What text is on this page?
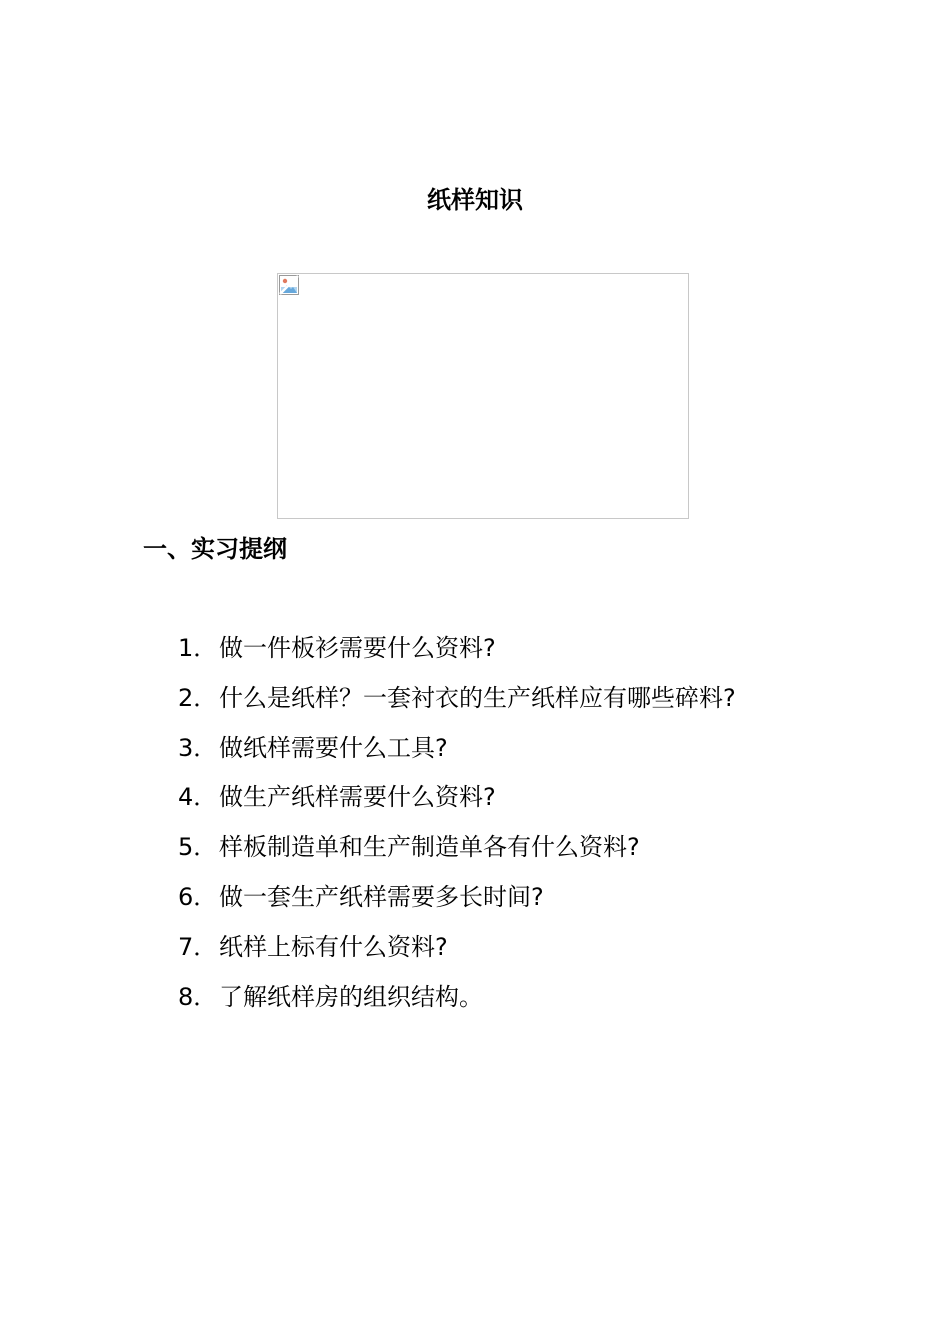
纸样知识
一、实习提纲
1． 做一件板衫需要什么资料?
2． 什么是纸样？一套衬衣的生产纸样应有哪些碎料?
3． 做纸样需要什么工具?
4． 做生产纸样需要什么资料?
5． 样板制造单和生产制造单各有什么资料?
6． 做一套生产纸样需要多长时间?
7． 纸样上标有什么资料?
8． 了解纸样房的组织结构。
